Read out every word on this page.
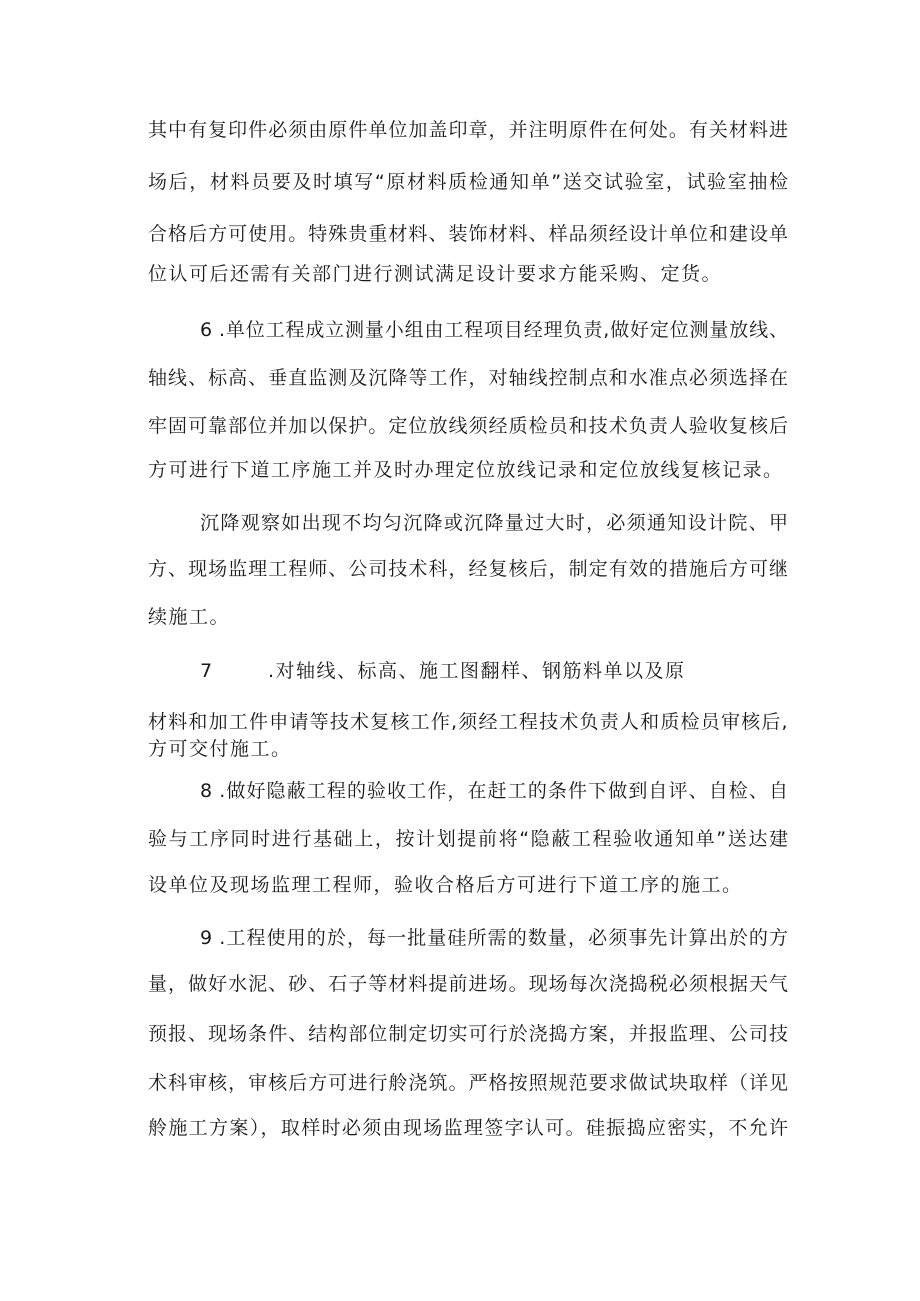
其中有复印件必须由原件单位加盖印章，并注明原件在何处。有关材料进
场后，材料员要及时填写“原材料质检通知单”送交试验室，试验室抽检
合格后方可使用。特殊贵重材料、装饰材料、样品须经设计单位和建设单
位认可后还需有关部门进行测试满足设计要求方能采购、定货。
6 .单位工程成立测量小组由工程项目经理负责,做好定位测量放线、
轴线、标高、垂直监测及沉降等工作，对轴线控制点和水准点必须选择在
牢固可靠部位并加以保护。定位放线须经质检员和技术负责人验收复核后
方可进行下道工序施工并及时办理定位放线记录和定位放线复核记录。
沉降观察如出现不均匀沉降或沉降量过大时，必须通知设计院、甲
方、现场监理工程师、公司技术科，经复核后，制定有效的措施后方可继
续施工。
7	.对轴线、标高、施工图翻样、钢筋料单以及原
材料和加工件申请等技术复核工作,须经工程技术负责人和质检员审核后,
方可交付施工。
8 .做好隐蔽工程的验收工作，在赶工的条件下做到自评、自检、自
验与工序同时进行基础上，按计划提前将“隐蔽工程验收通知单”送达建
设单位及现场监理工程师，验收合格后方可进行下道工序的施工。
9 .工程使用的於，每一批量硅所需的数量，必须事先计算出於的方
量，做好水泥、砂、石子等材料提前进场。现场每次浇捣税必须根据天气
预报、现场条件、结构部位制定切实可行於浇捣方案，并报监理、公司技
术科审核，审核后方可进行舲浇筑。严格按照规范要求做试块取样（详见
舲施工方案），取样时必须由现场监理签字认可。硅振捣应密实，不允许
